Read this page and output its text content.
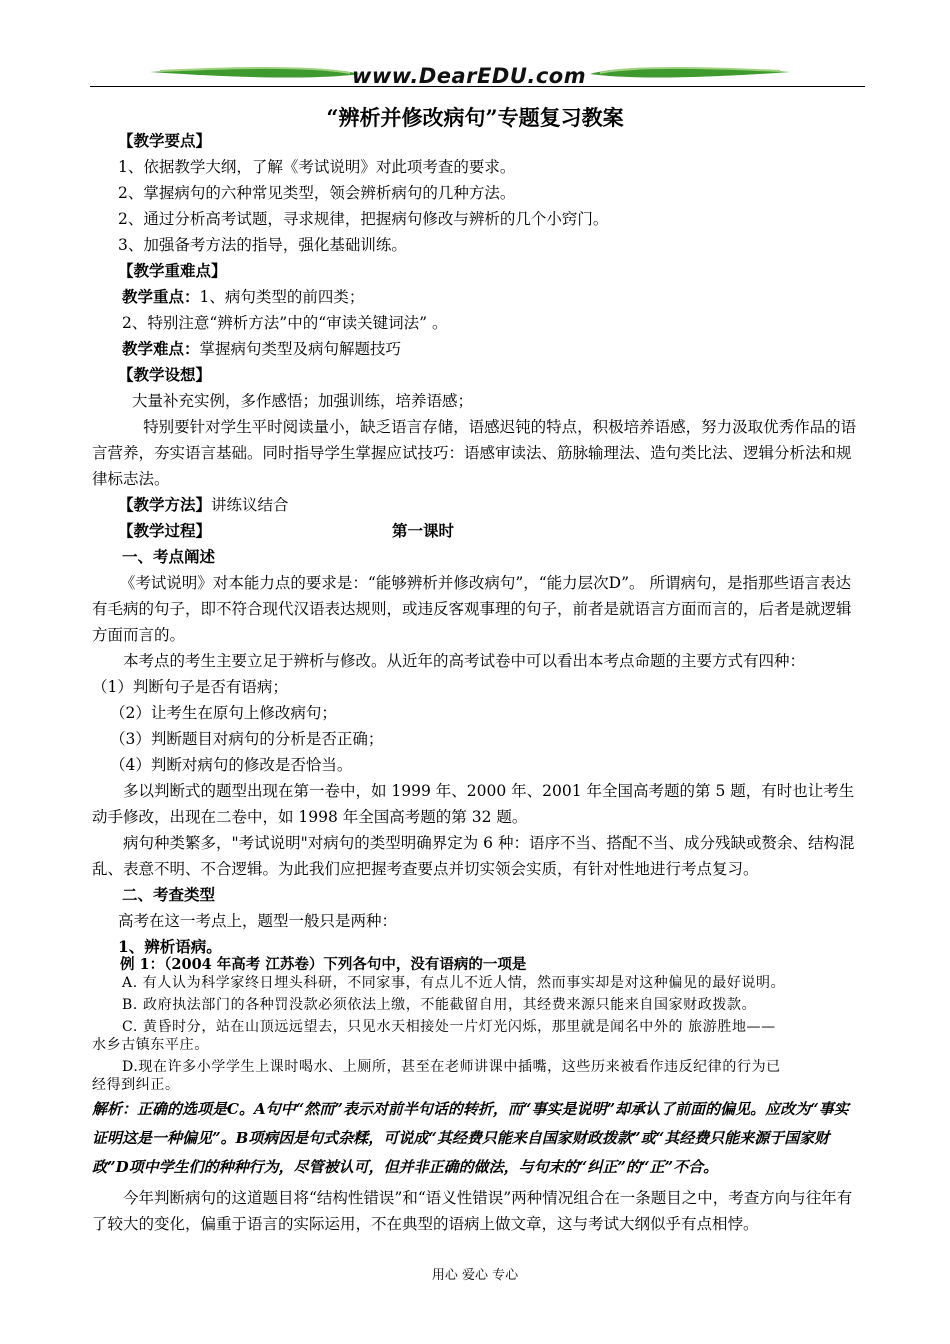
www.DearEDU.com
“辨析并修改病句”专题复习教案
【教学要点】
1、依据教学大纲，了解《考试说明》对此项考查的要求。
2、掌握病句的六种常见类型，领会辨析病句的几种方法。
2、通过分析高考试题，寻求规律，把握病句修改与辨析的几个小窍门。
3、加强备考方法的指导，强化基础训练。
【教学重难点】
教学重点：1、病句类型的前四类；
2、特别注意“辨析方法”中的“审读关键词法” 。
教学难点：掌握病句类型及病句解题技巧
【教学设想】
大量补充实例，多作感悟；加强训练，培养语感；
特别要针对学生平时阅读量小，缺乏语言存储，语感迟钝的特点，积极培养语感，努力汲取优秀作品的语言营养，夯实语言基础。同时指导学生掌握应试技巧：语感审读法、筋脉输理法、造句类比法、逻辑分析法和规律标志法。
【教学方法】讲练议结合
【教学过程】	第一课时
一、考点阐述
《考试说明》对本能力点的要求是：“能够辨析并修改病句”，“能力层次D”。 所谓病句，是指那些语言表达有毛病的句子，即不符合现代汉语表达规则，或违反客观事理的句子，前者是就语言方面而言的，后者是就逻辑方面而言的。
本考点的考生主要立足于辨析与修改。从近年的高考试卷中可以看出本考点命题的主要方式有四种：
（1）判断句子是否有语病；
（2）让考生在原句上修改病句；
（3）判断题目对病句的分析是否正确；
（4）判断对病句的修改是否恰当。
多以判断式的题型出现在第一卷中，如 1999 年、2000 年、2001 年全国高考题的第 5 题，有时也让考生动手修改，出现在二卷中，如 1998 年全国高考题的第 32 题。
病句种类繁多，"考试说明"对病句的类型明确界定为 6 种：语序不当、搭配不当、成分残缺或赘余、结构混乱、表意不明、不合逻辑。为此我们应把握考查要点并切实领会实质，有针对性地进行考点复习。
二、考查类型
高考在这一考点上，题型一般只是两种：
1、辨析语病。
例 1：（2004 年高考 江苏卷）下列各句中，没有语病的一项是
A. 有人认为科学家终日埋头科研，不同家事，有点儿不近人情，然而事实却是对这种偏见的最好说明。
B. 政府执法部门的各种罚没款必须依法上缴，不能截留自用，其经费来源只能来自国家财政拨款。
C. 黄昏时分，站在山顶远远望去，只见水天相接处一片灯光闪烁，那里就是闻名中外的 旅游胜地——
水乡古镇东平庄。
D.现在许多小学学生上课时喝水、上厕所，甚至在老师讲课中插嘴，这些历来被看作违反纪律的行为已
经得到纠正。
解析：正确的选项是C。A句中“然而”表示对前半句话的转折，而“事实是说明”却承认了前面的偏见。应改为“事实证明这是一种偏见”。B项病因是句式杂糅，可说成“其经费只能来自国家财政拨款”或“其经费只能来源于国家财政”D项中学生们的种种行为，尽管被认可，但并非正确的做法，与句末的“纠正”的“正”不合。
今年判断病句的这道题目将“结构性错误”和“语义性错误”两种情况组合在一条题目之中，考查方向与往年有了较大的变化，偏重于语言的实际运用，不在典型的语病上做文章，这与考试大纲似乎有点相悖。
用心 爱心 专心
